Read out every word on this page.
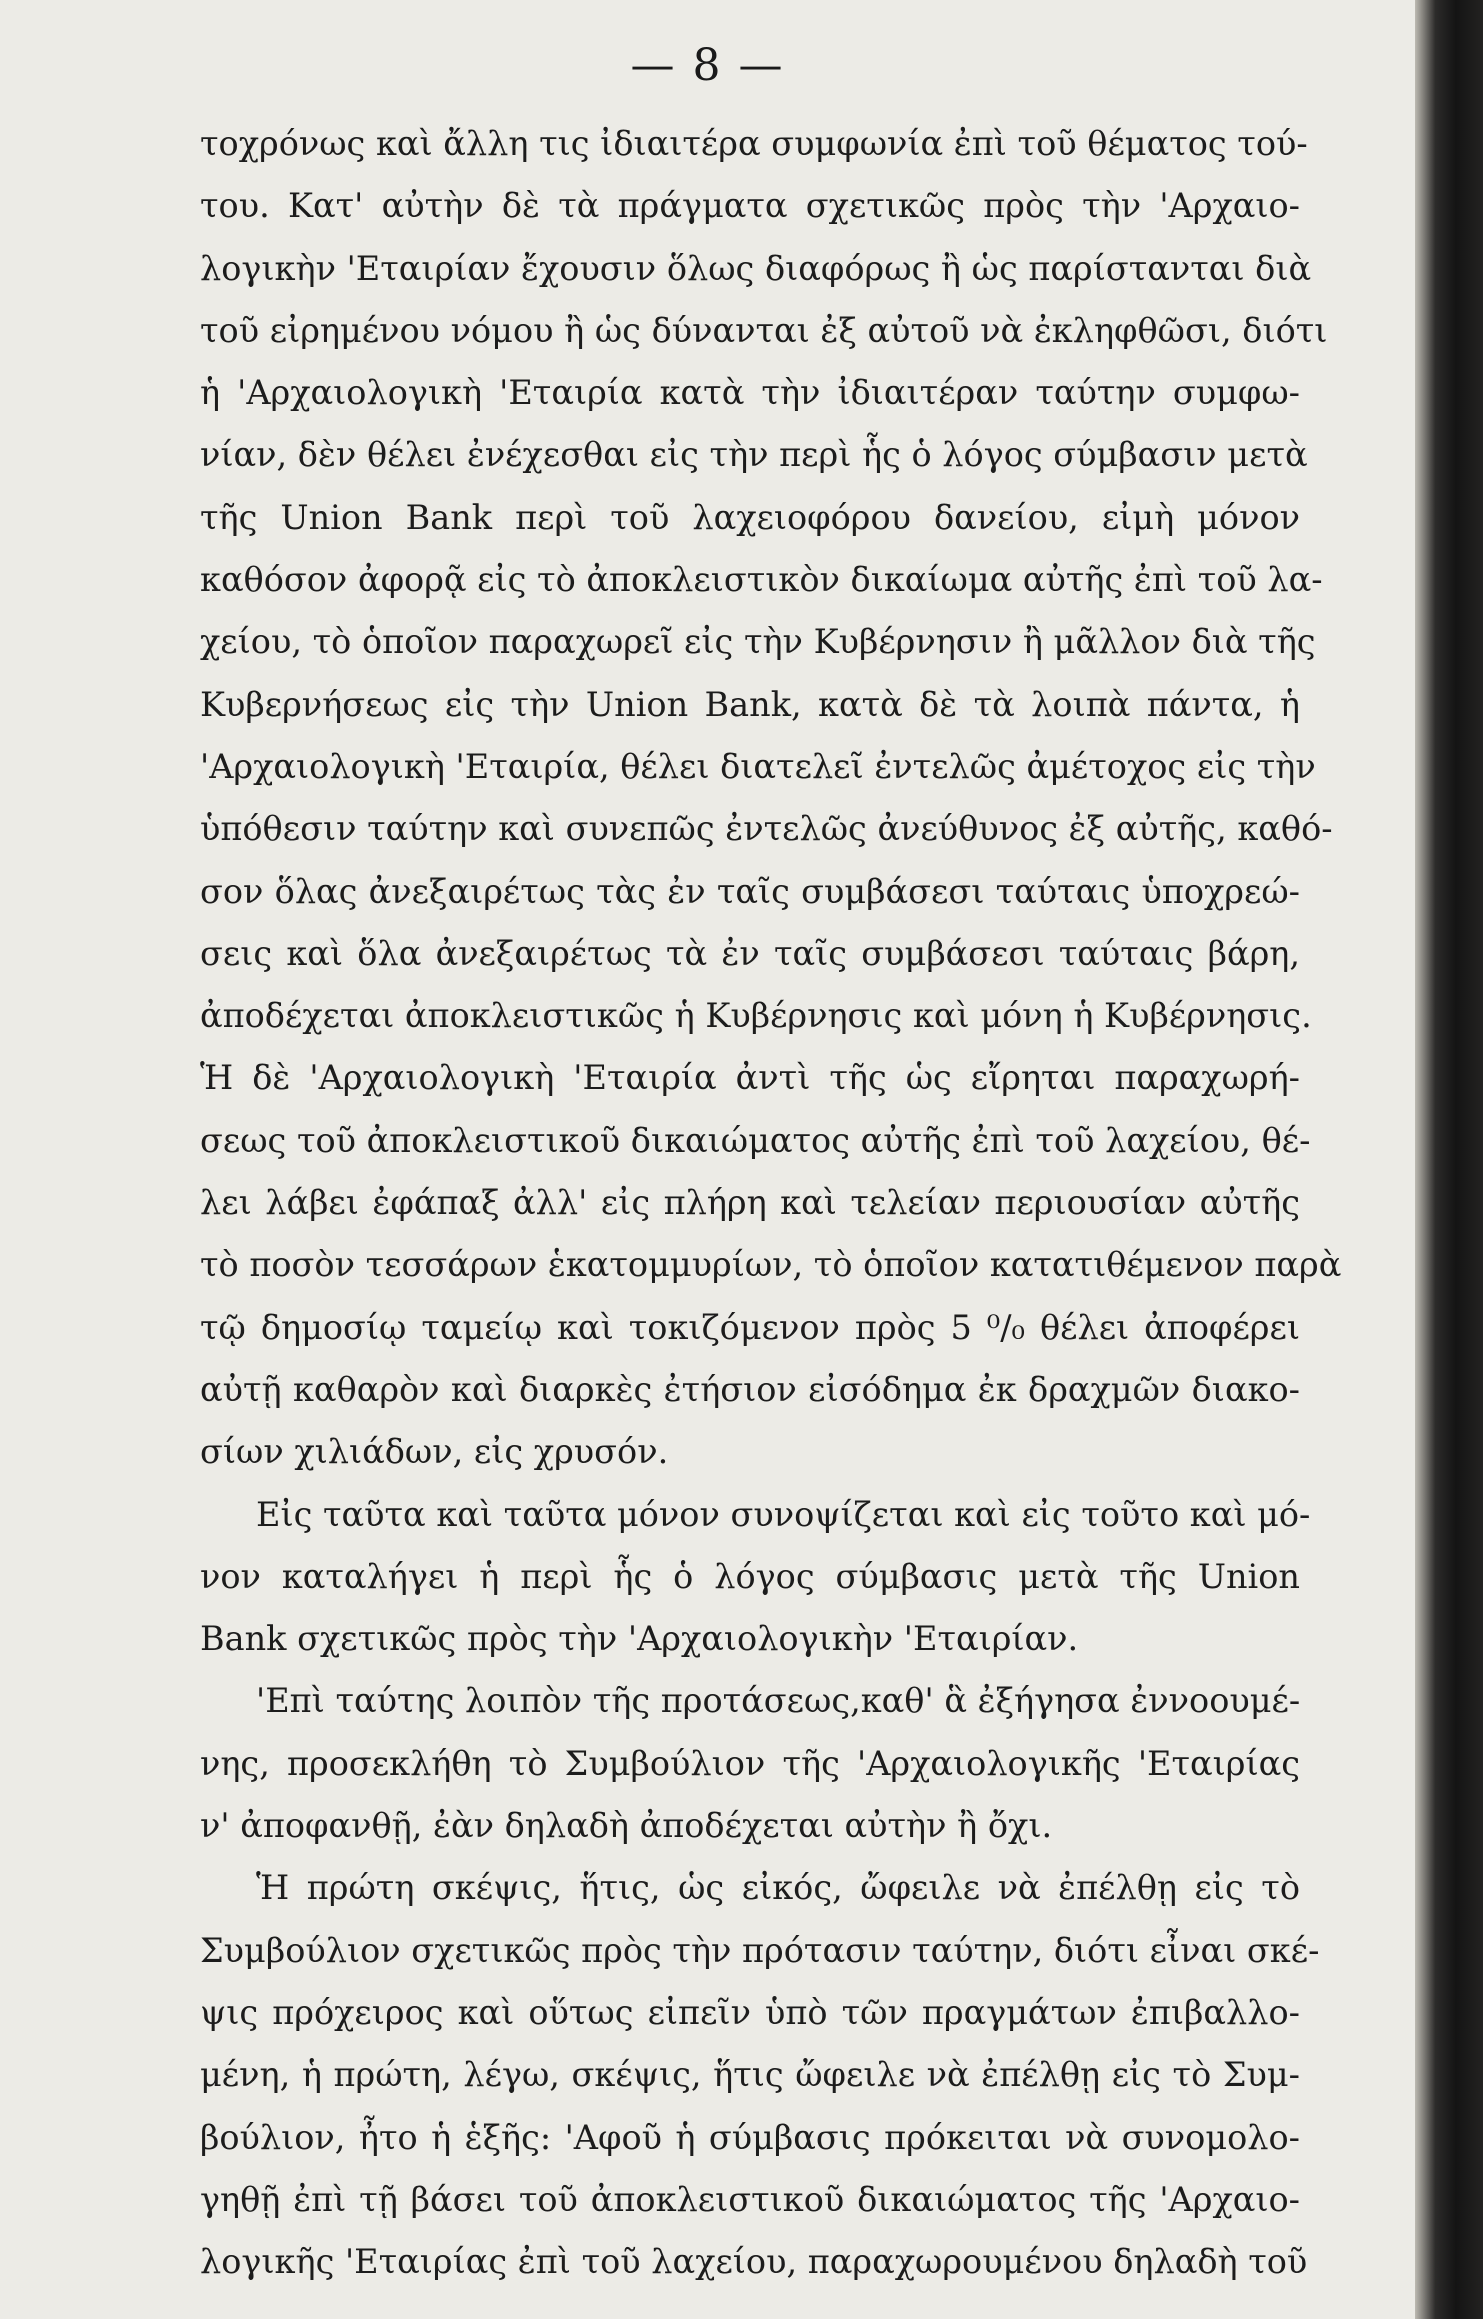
— 8 —
τοχρόνως καὶ ἄλλη τις ἰδιαιτέρα συμφωνία ἐπὶ τοῦ θέματος τού-
του. Κατ' αὐτὴν δὲ τὰ πράγματα σχετικῶς πρὸς τὴν 'Αρχαιο-
λογικὴν 'Εταιρίαν ἔχουσιν ὅλως διαφόρως ἢ ὡς παρίστανται διὰ
τοῦ εἰρημένου νόμου ἢ ὡς δύνανται ἐξ αὐτοῦ νὰ ἐκληφθῶσι, διότι
ἡ 'Αρχαιολογικὴ 'Εταιρία κατὰ τὴν ἰδιαιτέραν ταύτην συμφω-
νίαν, δὲν θέλει ἐνέχεσθαι εἰς τὴν περὶ ἧς ὁ λόγος σύμβασιν μετὰ
τῆς Union Bank περὶ τοῦ λαχειοφόρου δανείου, εἰμὴ μόνον
καθόσον ἀφορᾷ εἰς τὸ ἀποκλειστικὸν δικαίωμα αὐτῆς ἐπὶ τοῦ λα-
χείου, τὸ ὁποῖον παραχωρεῖ εἰς τὴν Κυβέρνησιν ἢ μᾶλλον διὰ τῆς
Κυβερνήσεως εἰς τὴν Union Bank, κατὰ δὲ τὰ λοιπὰ πάντα, ἡ
'Αρχαιολογικὴ 'Εταιρία, θέλει διατελεῖ ἐντελῶς ἀμέτοχος εἰς τὴν
ὑπόθεσιν ταύτην καὶ συνεπῶς ἐντελῶς ἀνεύθυνος ἐξ αὐτῆς, καθό-
σον ὅλας ἀνεξαιρέτως τὰς ἐν ταῖς συμβάσεσι ταύταις ὑποχρεώ-
σεις καὶ ὅλα ἀνεξαιρέτως τὰ ἐν ταῖς συμβάσεσι ταύταις βάρη,
ἀποδέχεται ἀποκλειστικῶς ἡ Κυβέρνησις καὶ μόνη ἡ Κυβέρνησις.
Ἡ δὲ 'Αρχαιολογικὴ 'Εταιρία ἀντὶ τῆς ὡς εἴρηται παραχωρή-
σεως τοῦ ἀποκλειστικοῦ δικαιώματος αὐτῆς ἐπὶ τοῦ λαχείου, θέ-
λει λάβει ἐφάπαξ ἀλλ' εἰς πλήρη καὶ τελείαν περιουσίαν αὐτῆς
τὸ ποσὸν τεσσάρων ἑκατομμυρίων, τὸ ὁποῖον κατατιθέμενον παρὰ
τῷ δημοσίῳ ταμείῳ καὶ τοκιζόμενον πρὸς 5 ⁰/₀ θέλει ἀποφέρει
αὐτῇ καθαρὸν καὶ διαρκὲς ἐτήσιον εἰσόδημα ἐκ δραχμῶν διακο-
σίων χιλιάδων, εἰς χρυσόν.
Εἰς ταῦτα καὶ ταῦτα μόνον συνοψίζεται καὶ εἰς τοῦτο καὶ μό-
νον καταλήγει ἡ περὶ ἧς ὁ λόγος σύμβασις μετὰ τῆς Union
Bank σχετικῶς πρὸς τὴν 'Αρχαιολογικὴν 'Εταιρίαν.
'Επὶ ταύτης λοιπὸν τῆς προτάσεως,καθ' ἃ ἐξήγησα ἐννοουμέ-
νης, προσεκλήθη τὸ Συμβούλιον τῆς 'Αρχαιολογικῆς 'Εταιρίας
ν' ἀποφανθῇ, ἐὰν δηλαδὴ ἀποδέχεται αὐτὴν ἢ ὄχι.
Ἡ πρώτη σκέψις, ἥτις, ὡς εἰκός, ὤφειλε νὰ ἐπέλθῃ εἰς τὸ
Συμβούλιον σχετικῶς πρὸς τὴν πρότασιν ταύτην, διότι εἶναι σκέ-
ψις πρόχειρος καὶ οὕτως εἰπεῖν ὑπὸ τῶν πραγμάτων ἐπιβαλλο-
μένη, ἡ πρώτη, λέγω, σκέψις, ἥτις ὤφειλε νὰ ἐπέλθῃ εἰς τὸ Συμ-
βούλιον, ἦτο ἡ ἑξῆς: 'Αφοῦ ἡ σύμβασις πρόκειται νὰ συνομολο-
γηθῇ ἐπὶ τῇ βάσει τοῦ ἀποκλειστικοῦ δικαιώματος τῆς 'Αρχαιο-
λογικῆς 'Εταιρίας ἐπὶ τοῦ λαχείου, παραχωρουμένου δηλαδὴ τοῦ
